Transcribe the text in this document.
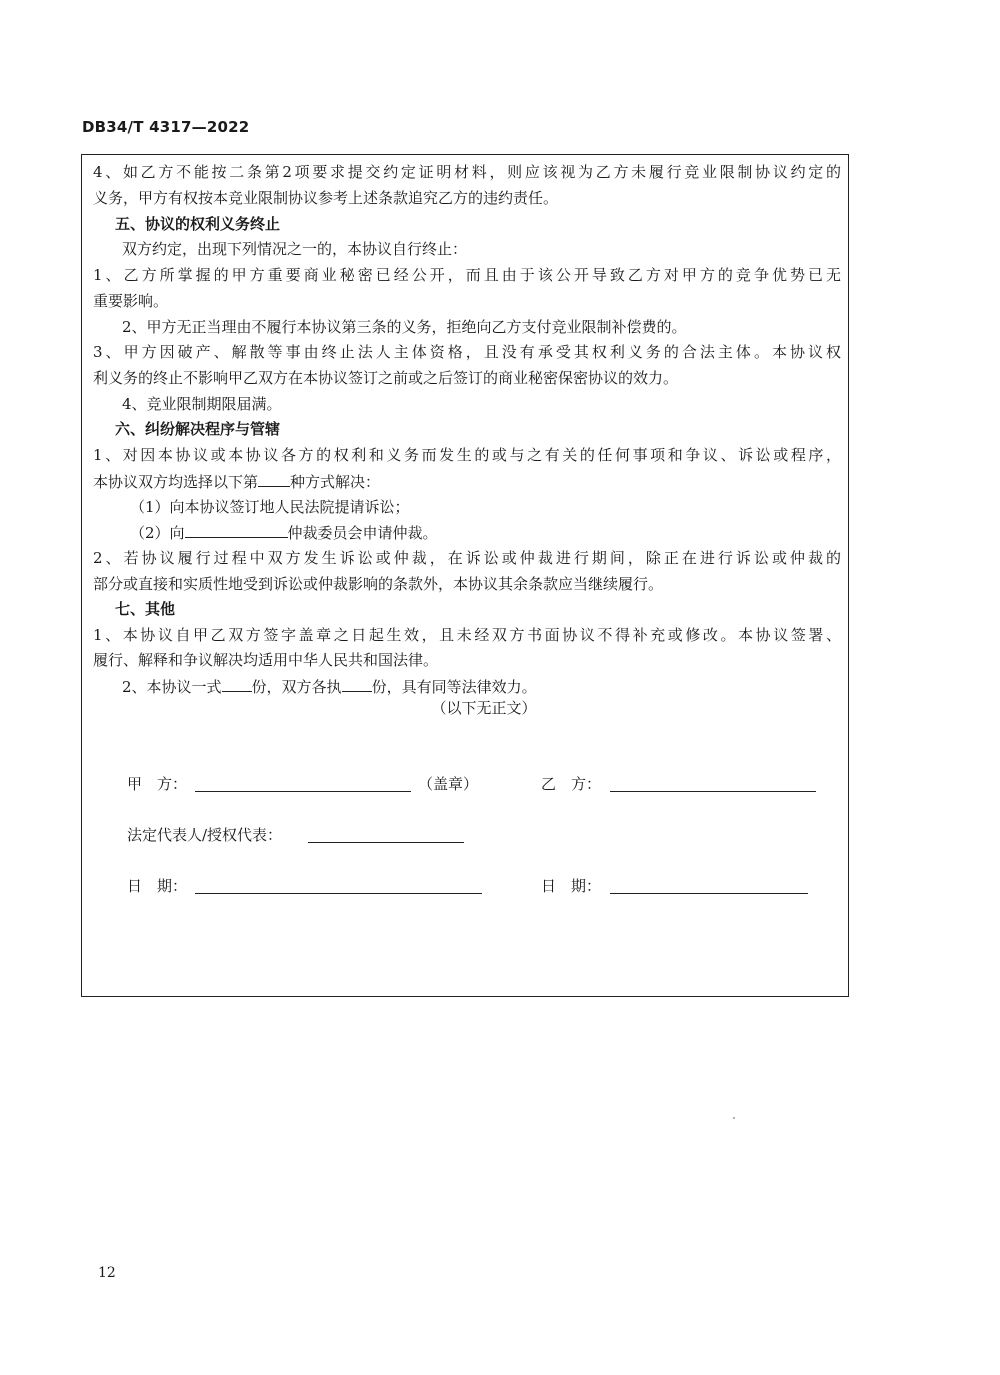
DB34/T 4317—2022
4、如乙方不能按二条第2项要求提交约定证明材料，则应该视为乙方未履行竞业限制协议约定的
义务，甲方有权按本竞业限制协议参考上述条款追究乙方的违约责任。
五、协议的权利义务终止
双方约定，出现下列情况之一的，本协议自行终止：
1、乙方所掌握的甲方重要商业秘密已经公开，而且由于该公开导致乙方对甲方的竞争优势已无
重要影响。
2、甲方无正当理由不履行本协议第三条的义务，拒绝向乙方支付竞业限制补偿费的。
3、甲方因破产、解散等事由终止法人主体资格，且没有承受其权利义务的合法主体。本协议权
利义务的终止不影响甲乙双方在本协议签订之前或之后签订的商业秘密保密协议的效力。
4、竞业限制期限届满。
六、纠纷解决程序与管辖
1、对因本协议或本协议各方的权利和义务而发生的或与之有关的任何事项和争议、诉讼或程序，
本协议双方均选择以下第 种方式解决：
（1）向本协议签订地人民法院提请诉讼；
（2）向	仲裁委员会申请仲裁。
2、若协议履行过程中双方发生诉讼或仲裁，在诉讼或仲裁进行期间，除正在进行诉讼或仲裁的
部分或直接和实质性地受到诉讼或仲裁影响的条款外，本协议其余条款应当继续履行。
七、其他
1、本协议自甲乙双方签字盖章之日起生效，且未经双方书面协议不得补充或修改。本协议签署、
履行、解释和争议解决均适用中华人民共和国法律。
2、本协议一式 份，双方各执 份，具有同等法律效力。
（以下无正文）
甲　方：	（盖章）	乙　方：
法定代表人/授权代表：
日　期：	日　期：
12
